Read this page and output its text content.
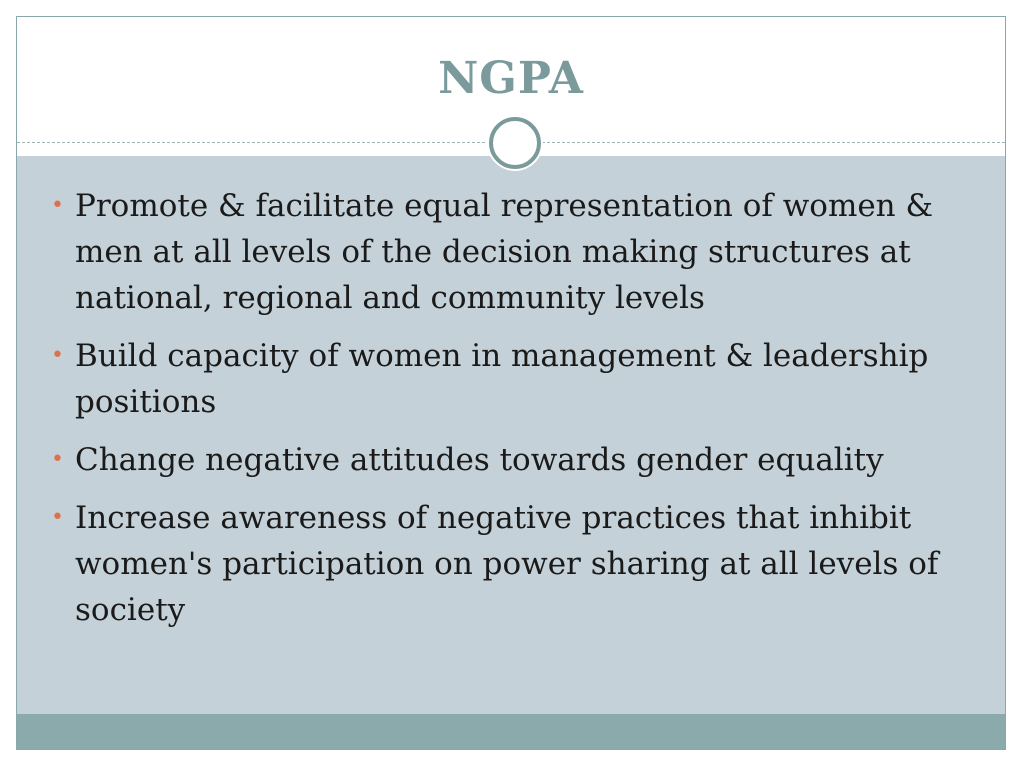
NGPA
• Promote & facilitate equal representation of women & men at all levels of the decision making structures at national, regional and community levels
• Build capacity of women in management & leadership positions
• Change negative attitudes towards gender equality
• Increase awareness of negative practices that inhibit women's participation on power sharing at all levels of society
